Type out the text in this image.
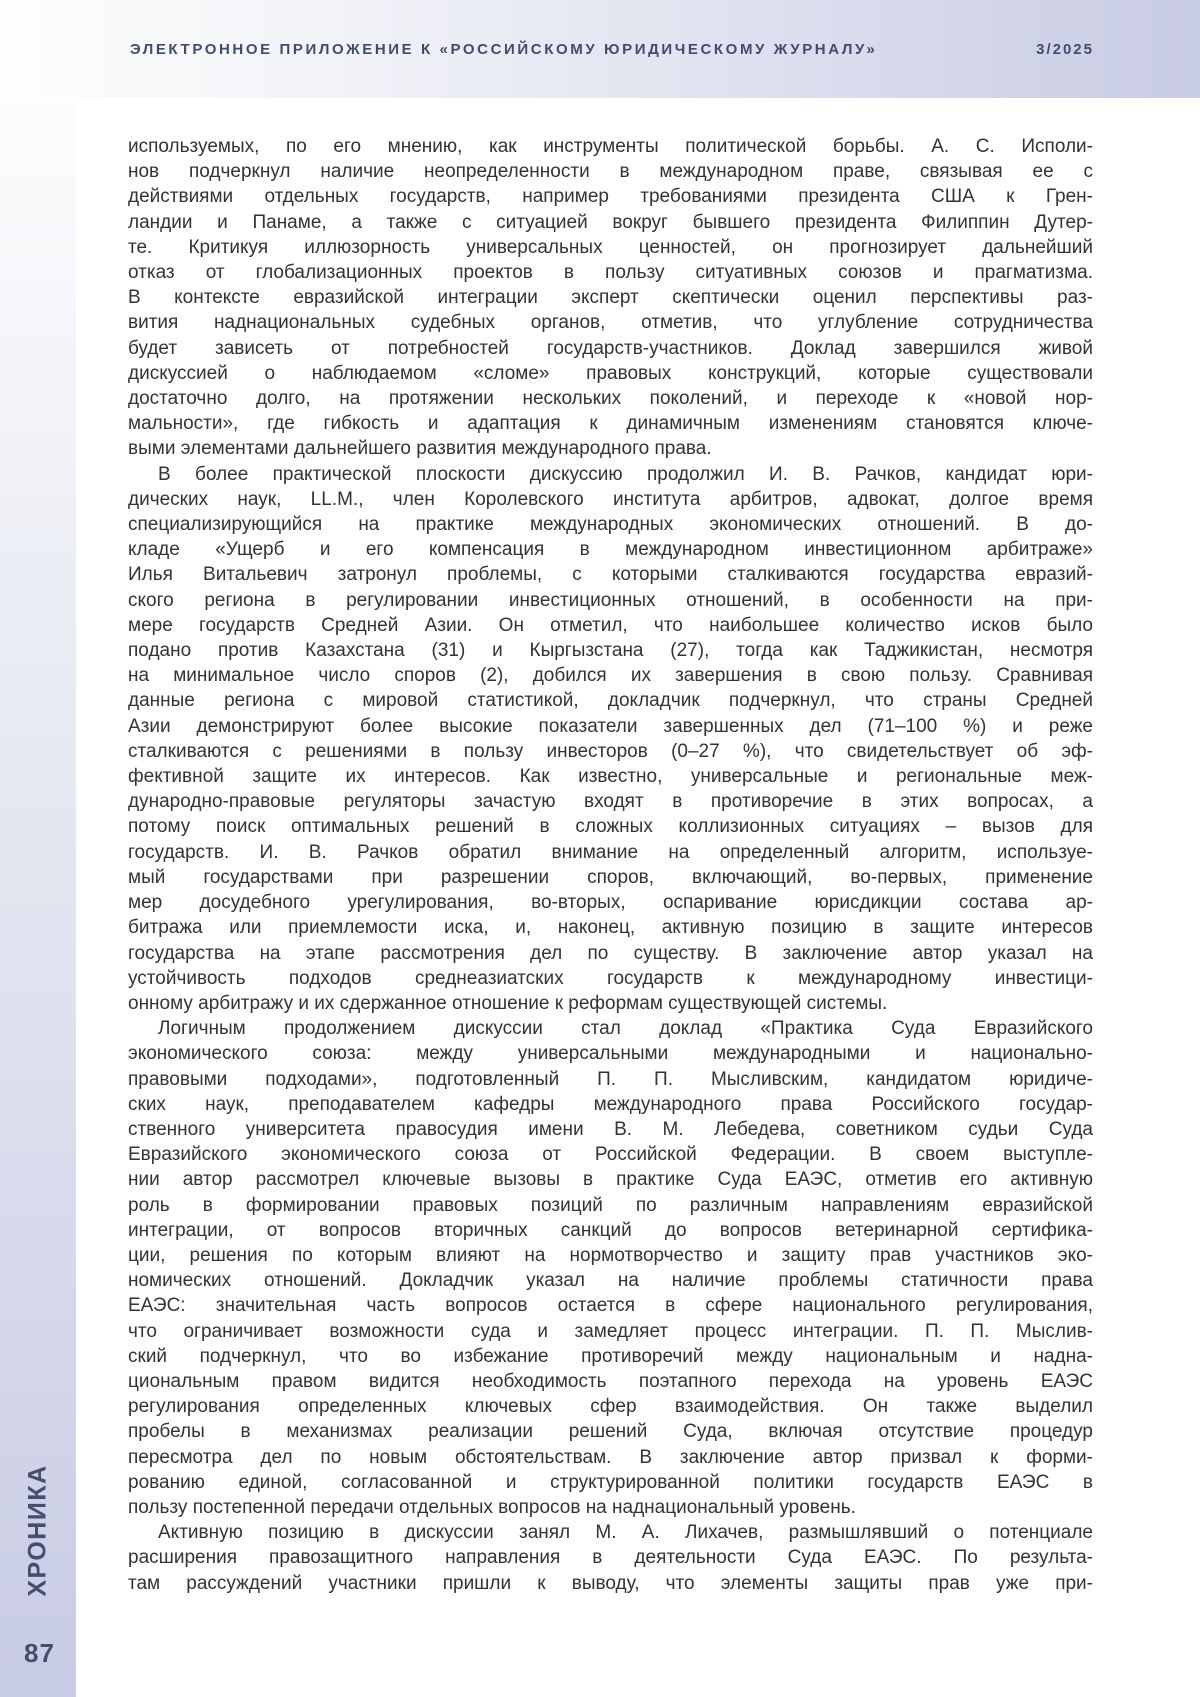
ЭЛЕКТРОННОЕ ПРИЛОЖЕНИЕ К «РОССИЙСКОМУ ЮРИДИЧЕСКОМУ ЖУРНАЛУ»	3/2025
ХРОНИКА
87
используемых, по его мнению, как инструменты политической борьбы. А. С. Исполи-
нов подчеркнул наличие неопределенности в международном праве, связывая ее с
действиями отдельных государств, например требованиями президента США к Грен-
ландии и Панаме, а также с ситуацией вокруг бывшего президента Филиппин Дутер-
те. Критикуя иллюзорность универсальных ценностей, он прогнозирует дальнейший
отказ от глобализационных проектов в пользу ситуативных союзов и прагматизма.
В контексте евразийской интеграции эксперт скептически оценил перспективы раз-
вития наднациональных судебных органов, отметив, что углубление сотрудничества
будет зависеть от потребностей государств-участников. Доклад завершился живой
дискуссией о наблюдаемом «сломе» правовых конструкций, которые существовали
достаточно долго, на протяжении нескольких поколений, и переходе к «новой нор-
мальности», где гибкость и адаптация к динамичным изменениям становятся ключе-
выми элементами дальнейшего развития международного права.
В более практической плоскости дискуссию продолжил И. В. Рачков, кандидат юри-
дических наук, LL.M., член Королевского института арбитров, адвокат, долгое время
специализирующийся на практике международных экономических отношений. В до-
кладе «Ущерб и его компенсация в международном инвестиционном арбитраже»
Илья Витальевич затронул проблемы, с которыми сталкиваются государства евразий-
ского региона в регулировании инвестиционных отношений, в особенности на при-
мере государств Средней Азии. Он отметил, что наибольшее количество исков было
подано против Казахстана (31) и Кыргызстана (27), тогда как Таджикистан, несмотря
на минимальное число споров (2), добился их завершения в свою пользу. Сравнивая
данные региона с мировой статистикой, докладчик подчеркнул, что страны Средней
Азии демонстрируют более высокие показатели завершенных дел (71–100 %) и реже
сталкиваются с решениями в пользу инвесторов (0–27 %), что свидетельствует об эф-
фективной защите их интересов. Как известно, универсальные и региональные меж-
дународно-правовые регуляторы зачастую входят в противоречие в этих вопросах, а
потому поиск оптимальных решений в сложных коллизионных ситуациях – вызов для
государств. И. В. Рачков обратил внимание на определенный алгоритм, используе-
мый государствами при разрешении споров, включающий, во-первых, применение
мер досудебного урегулирования, во-вторых, оспаривание юрисдикции состава ар-
битража или приемлемости иска, и, наконец, активную позицию в защите интересов
государства на этапе рассмотрения дел по существу. В заключение автор указал на
устойчивость подходов среднеазиатских государств к международному инвестици-
онному арбитражу и их сдержанное отношение к реформам существующей системы.
Логичным продолжением дискуссии стал доклад «Практика Суда Евразийского
экономического союза: между универсальными международными и национально-
правовыми подходами», подготовленный П. П. Мысливским, кандидатом юридиче-
ских наук, преподавателем кафедры международного права Российского государ-
ственного университета правосудия имени В. М. Лебедева, советником судьи Суда
Евразийского экономического союза от Российской Федерации. В своем выступле-
нии автор рассмотрел ключевые вызовы в практике Суда ЕАЭС, отметив его активную
роль в формировании правовых позиций по различным направлениям евразийской
интеграции, от вопросов вторичных санкций до вопросов ветеринарной сертифика-
ции, решения по которым влияют на нормотворчество и защиту прав участников эко-
номических отношений. Докладчик указал на наличие проблемы статичности права
ЕАЭС: значительная часть вопросов остается в сфере национального регулирования,
что ограничивает возможности суда и замедляет процесс интеграции. П. П. Мыслив-
ский подчеркнул, что во избежание противоречий между национальным и надна-
циональным правом видится необходимость поэтапного перехода на уровень ЕАЭС
регулирования определенных ключевых сфер взаимодействия. Он также выделил
пробелы в механизмах реализации решений Суда, включая отсутствие процедур
пересмотра дел по новым обстоятельствам. В заключение автор призвал к форми-
рованию единой, согласованной и структурированной политики государств ЕАЭС в
пользу постепенной передачи отдельных вопросов на наднациональный уровень.
Активную позицию в дискуссии занял М. А. Лихачев, размышлявший о потенциале
расширения правозащитного направления в деятельности Суда ЕАЭС. По результа-
там рассуждений участники пришли к выводу, что элементы защиты прав уже при-
